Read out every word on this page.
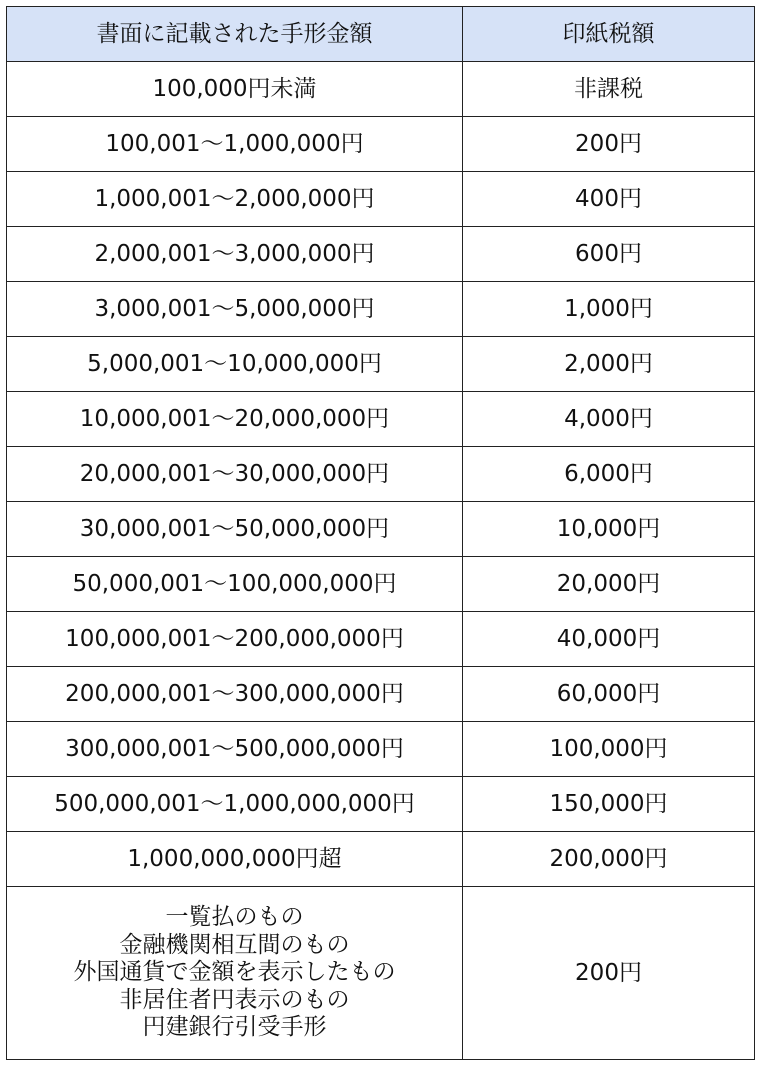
書面に記載された手形金額	印紙税額
100,000円未満	非課税
100,001〜1,000,000円	200円
1,000,001〜2,000,000円	400円
2,000,001〜3,000,000円	600円
3,000,001〜5,000,000円	1,000円
5,000,001〜10,000,000円	2,000円
10,000,001〜20,000,000円	4,000円
20,000,001〜30,000,000円	6,000円
30,000,001〜50,000,000円	10,000円
50,000,001〜100,000,000円	20,000円
100,000,001〜200,000,000円	40,000円
200,000,001〜300,000,000円	60,000円
300,000,001〜500,000,000円	100,000円
500,000,001〜1,000,000,000円	150,000円
1,000,000,000円超	200,000円

一覧払のもの
金融機関相互間のもの
外国通貨で金額を表示したもの
非居住者円表示のもの
円建銀行引受手形	200円
